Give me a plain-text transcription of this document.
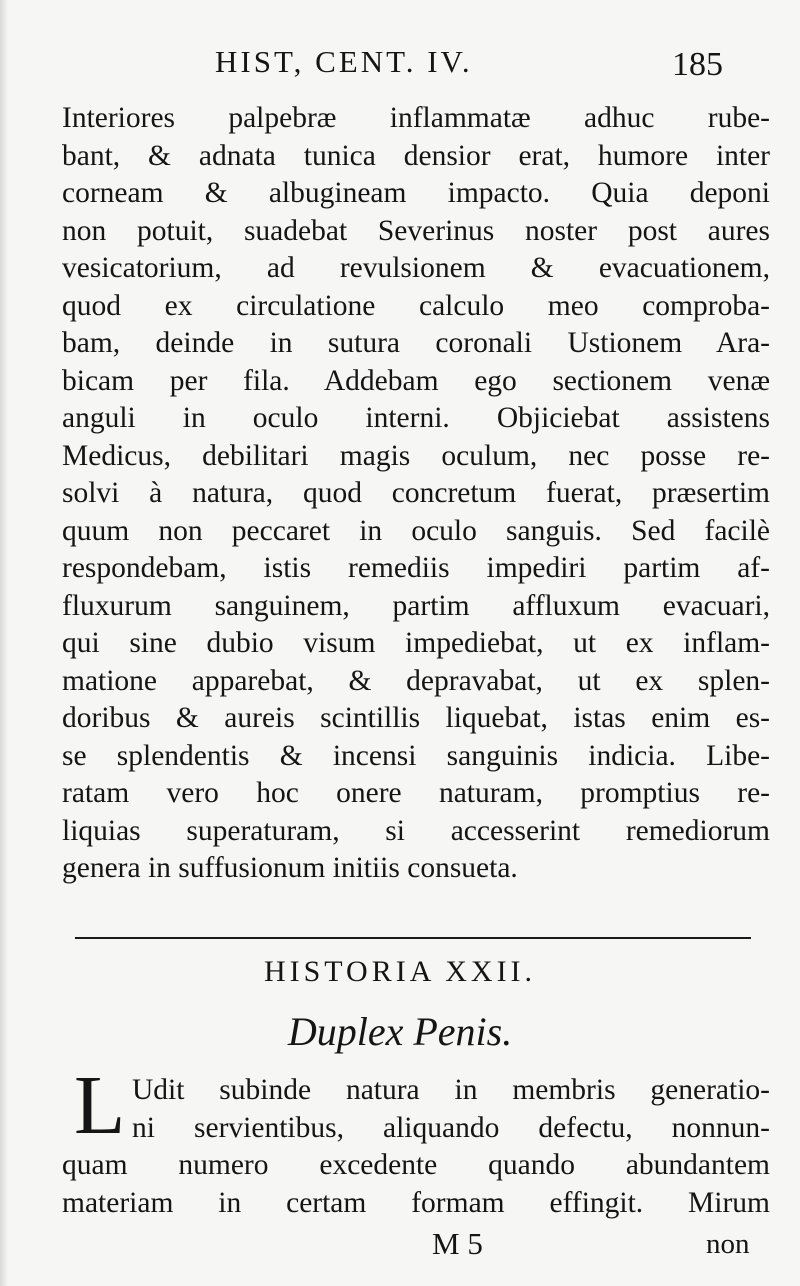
HIST, CENT. IV.	185
Interiores palpebræ inflammatæ adhuc rube-
bant, & adnata tunica densior erat, humore inter
corneam & albugineam impacto. Quia deponi
non potuit, suadebat Severinus noster post aures
vesicatorium, ad revulsionem & evacuationem,
quod ex circulatione calculo meo comproba-
bam, deinde in sutura coronali Ustionem Ara-
bicam per fila. Addebam ego sectionem venæ
anguli in oculo interni. Objiciebat assistens
Medicus, debilitari magis oculum, nec posse re-
solvi à natura, quod concretum fuerat, præsertim
quum non peccaret in oculo sanguis. Sed facilè
respondebam, istis remediis impediri partim af-
fluxurum sanguinem, partim affluxum evacuari,
qui sine dubio visum impediebat, ut ex inflam-
matione apparebat, & depravabat, ut ex splen-
doribus & aureis scintillis liquebat, istas enim es-
se splendentis & incensi sanguinis indicia. Libe-
ratam vero hoc onere naturam, promptius re-
liquias superaturam, si accesserint remediorum
genera in suffusionum initiis consueta.
HISTORIA XXII.
Duplex Penis.
L Udit subinde natura in membris generatio-
ni servientibus, aliquando defectu, nonnun-
quam numero excedente quando abundantem
materiam in certam formam effingit. Mirum
M 5	non
